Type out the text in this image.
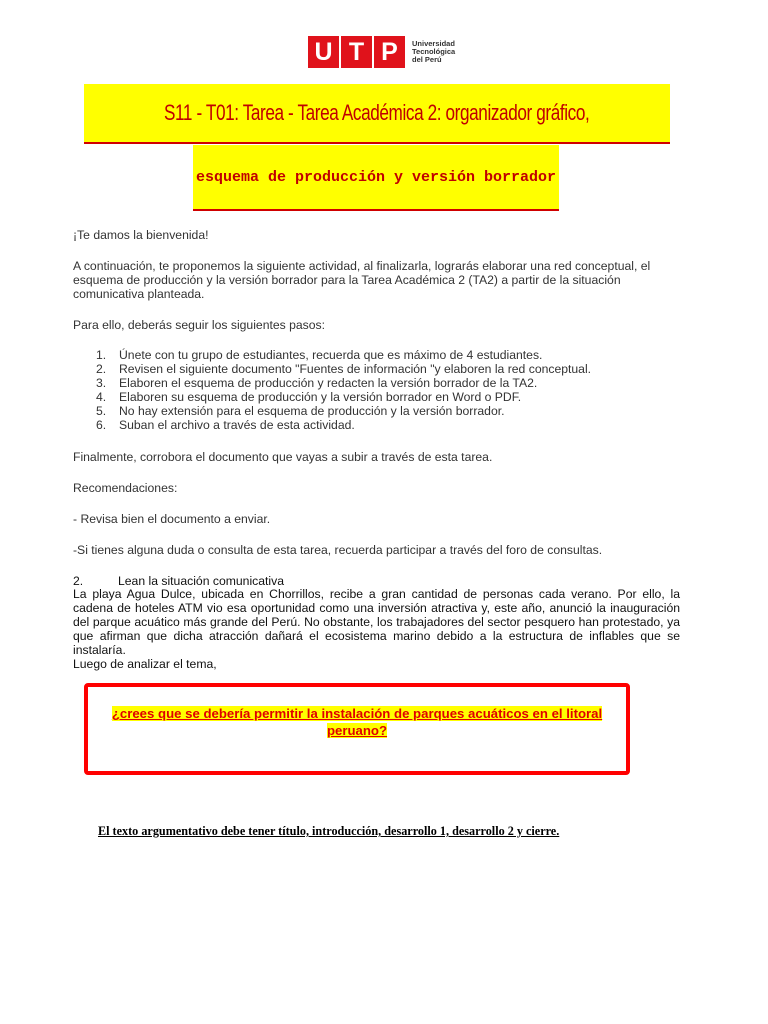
U T P	Universidad
Tecnológica
del Perú
S11 - T01: Tarea - Tarea Académica 2: organizador gráfico,
esquema de producción y versión borrador
¡Te damos la bienvenida!
A continuación, te proponemos la siguiente actividad, al finalizarla, lograrás elaborar una red conceptual, el esquema de producción y la versión borrador para la Tarea Académica 2 (TA2) a partir de la situación comunicativa planteada.
Para ello, deberás seguir los siguientes pasos:
1.	Únete con tu grupo de estudiantes, recuerda que es máximo de 4 estudiantes.
2.	Revisen el siguiente documento "Fuentes de información "y elaboren la red conceptual.
3.	Elaboren el esquema de producción y redacten la versión borrador de la TA2.
4.	Elaboren su esquema de producción y la versión borrador en Word o PDF.
5.	No hay extensión para el esquema de producción y la versión borrador.
6.	Suban el archivo a través de esta actividad.
Finalmente, corrobora el documento que vayas a subir a través de esta tarea.
Recomendaciones:
- Revisa bien el documento a enviar.
-Si tienes alguna duda o consulta de esta tarea, recuerda participar a través del foro de consultas.
2.	Lean la situación comunicativa
La playa Agua Dulce, ubicada en Chorrillos, recibe a gran cantidad de personas cada verano. Por ello, la cadena de hoteles ATM vio esa oportunidad como una inversión atractiva y, este año, anunció la inauguración del parque acuático más grande del Perú. No obstante, los trabajadores del sector pesquero han protestado, ya que afirman que dicha atracción dañará el ecosistema marino debido a la estructura de inflables que se instalaría.
Luego de analizar el tema,
¿crees que se debería permitir la instalación de parques acuáticos en el litoral peruano?
El texto argumentativo debe tener título, introducción, desarrollo 1, desarrollo 2 y cierre.
